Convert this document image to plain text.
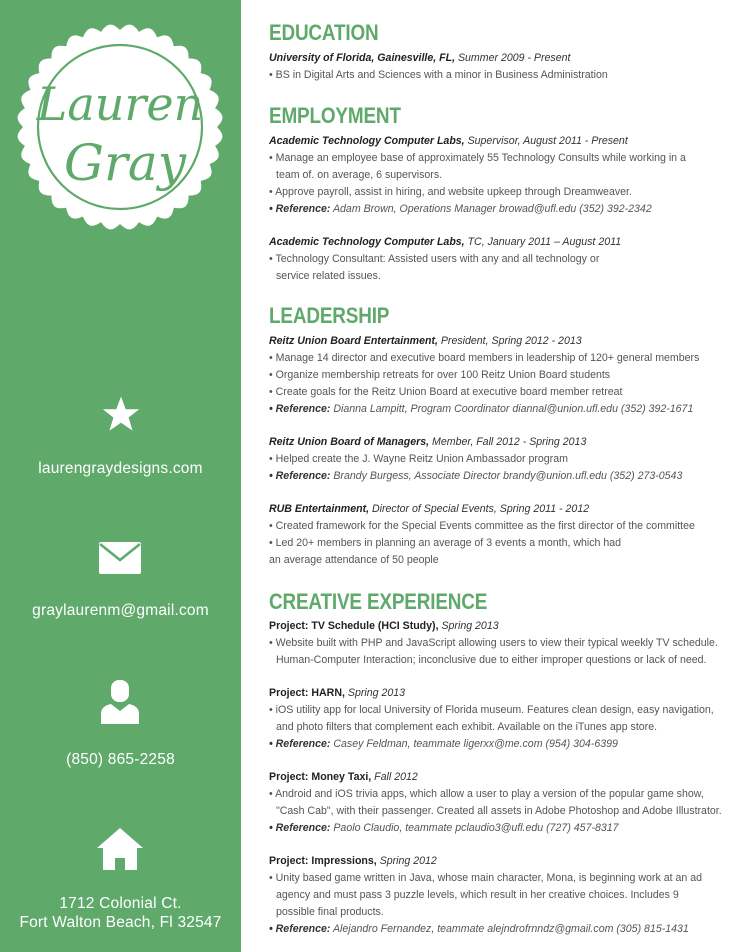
Lauren
Gray
laurengraydesigns.com
graylaurenm@gmail.com
(850) 865-2258
1712 Colonial Ct.
Fort Walton Beach, Fl 32547
EDUCATION
University of Florida, Gainesville, FL, Summer 2009 - Present
• BS in Digital Arts and Sciences with a minor in Business Administration
EMPLOYMENT
Academic Technology Computer Labs, Supervisor, August 2011 - Present
• Manage an employee base of approximately 55 Technology Consults while working in a
team of. on average, 6 supervisors.
• Approve payroll, assist in hiring, and website upkeep through Dreamweaver.
• Reference: Adam Brown, Operations Manager browad@ufl.edu (352) 392-2342
Academic Technology Computer Labs, TC, January 2011 – August 2011
• Technology Consultant: Assisted users with any and all technology or
service related issues.
LEADERSHIP
Reitz Union Board Entertainment, President, Spring 2012 - 2013
• Manage 14 director and executive board members in leadership of 120+ general members
• Organize membership retreats for over 100 Reitz Union Board students
• Create goals for the Reitz Union Board at executive board member retreat
• Reference: Dianna Lampitt, Program Coordinator diannal@union.ufl.edu (352) 392-1671
Reitz Union Board of Managers, Member, Fall 2012 - Spring 2013
• Helped create the J. Wayne Reitz Union Ambassador program
• Reference: Brandy Burgess, Associate Director brandy@union.ufl.edu (352) 273-0543
RUB Entertainment, Director of Special Events, Spring 2011 - 2012
• Created framework for the Special Events committee as the first director of the committee
• Led 20+ members in planning an average of 3 events a month, which had
an average attendance of 50 people
CREATIVE EXPERIENCE
Project: TV Schedule (HCI Study), Spring 2013
• Website built with PHP and JavaScript allowing users to view their typical weekly TV schedule.
Human-Computer Interaction; inconclusive due to either improper questions or lack of need.
Project: HARN, Spring 2013
• iOS utility app for local University of Florida museum. Features clean design, easy navigation,
and photo filters that complement each exhibit. Available on the iTunes app store.
• Reference: Casey Feldman, teammate ligerxx@me.com (954) 304-6399
Project: Money Taxi, Fall 2012
• Android and iOS trivia apps, which allow a user to play a version of the popular game show,
"Cash Cab", with their passenger. Created all assets in Adobe Photoshop and Adobe Illustrator.
• Reference: Paolo Claudio, teammate pclaudio3@ufl.edu (727) 457-8317
Project: Impressions, Spring 2012
• Unity based game written in Java, whose main character, Mona, is beginning work at an ad
agency and must pass 3 puzzle levels, which result in her creative choices. Includes 9
possible final products.
• Reference: Alejandro Fernandez, teammate alejndrofrnndz@gmail.com (305) 815-1431
